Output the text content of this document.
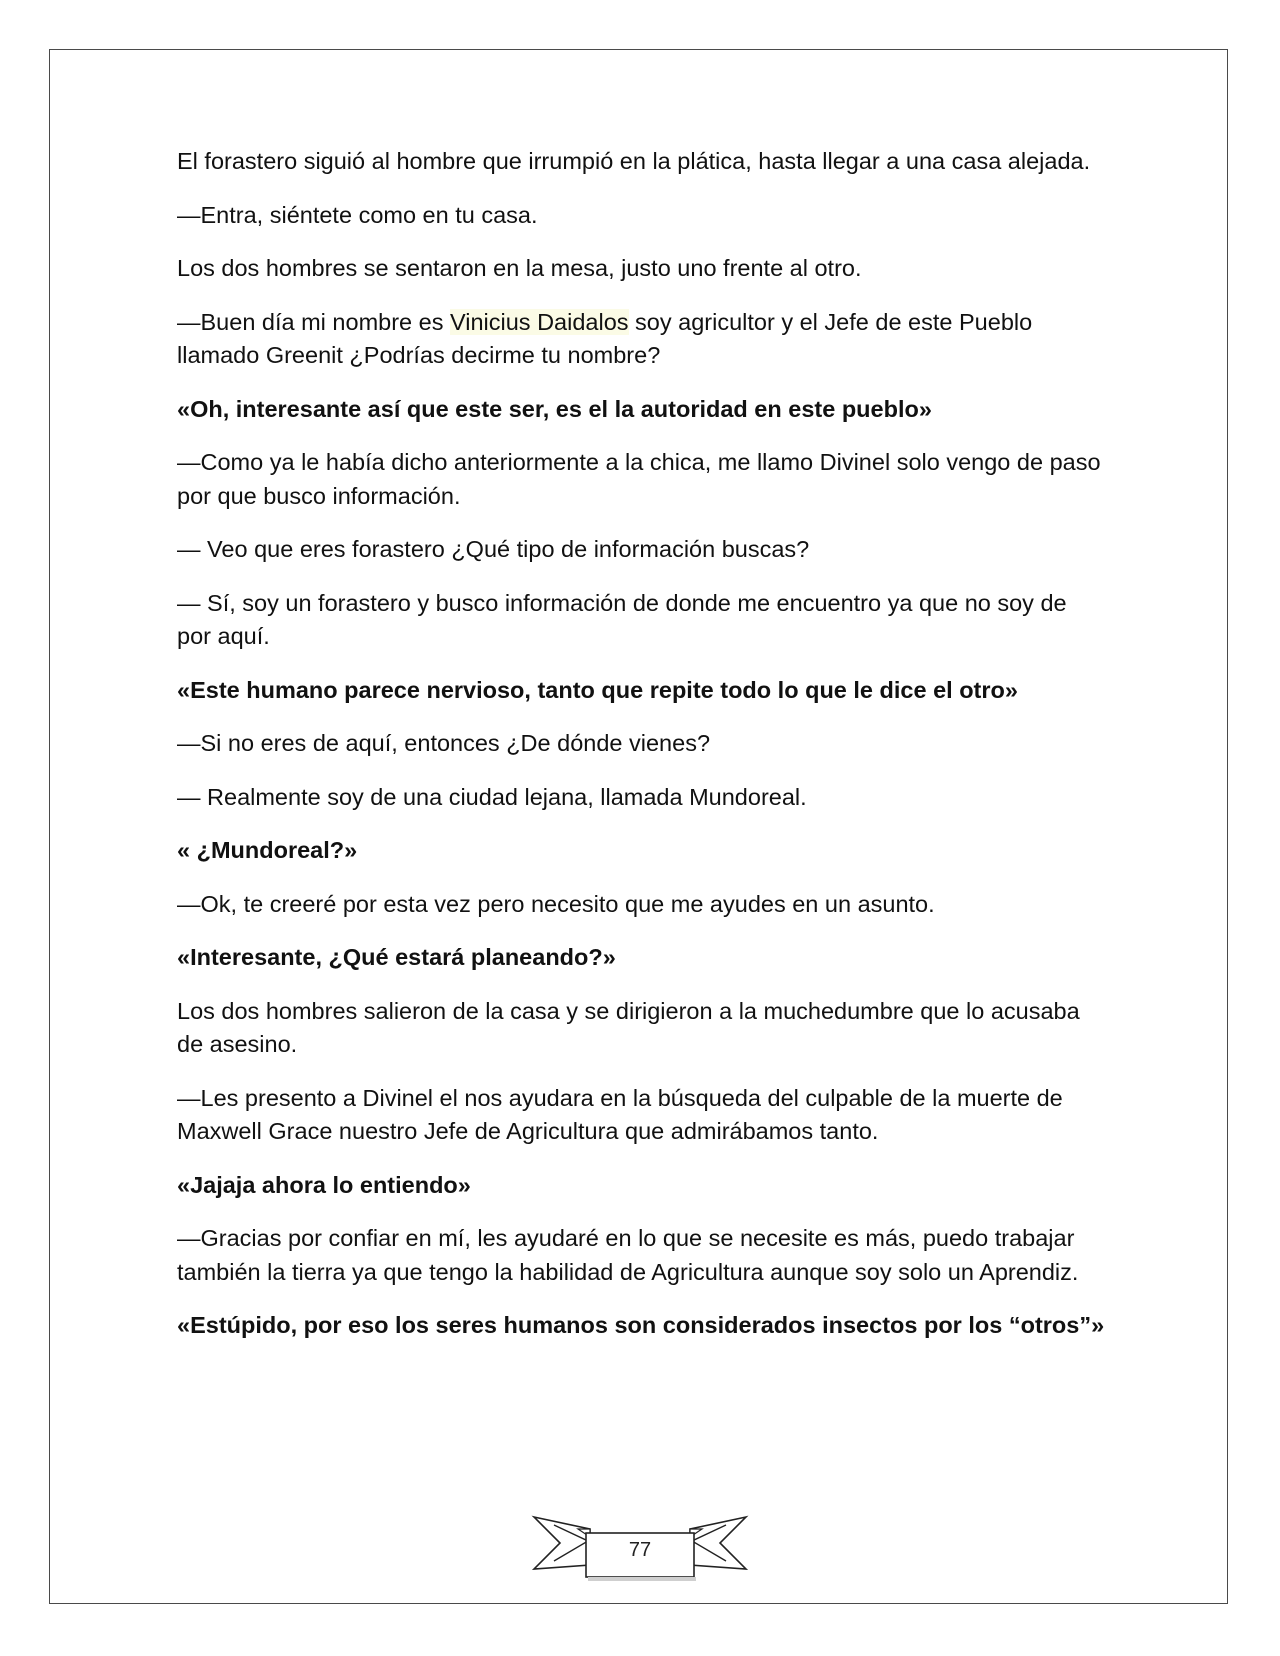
El forastero siguió al hombre que irrumpió en la plática, hasta llegar a una casa alejada.

—Entra, siéntete como en tu casa.

Los dos hombres se sentaron en la mesa, justo uno frente al otro.

—Buen día mi nombre es Vinicius Daidalos soy agricultor y el Jefe de este Pueblo llamado Greenit ¿Podrías decirme tu nombre?

«Oh, interesante así que este ser, es el la autoridad en este pueblo»

—Como ya le había dicho anteriormente a la chica, me llamo Divinel solo vengo de paso por que busco información.

— Veo que eres forastero ¿Qué tipo de información buscas?

— Sí, soy un forastero y busco información de donde me encuentro ya que no soy de por aquí.

«Este humano parece nervioso, tanto que repite todo lo que le dice el otro»

—Si no eres de aquí, entonces ¿De dónde vienes?

— Realmente soy de una ciudad lejana, llamada Mundoreal.

« ¿Mundoreal?»

—Ok, te creeré por esta vez pero necesito que me ayudes en un asunto.

«Interesante, ¿Qué estará planeando?»

Los dos hombres salieron de la casa y se dirigieron a la muchedumbre que lo acusaba de asesino.

—Les presento a Divinel el nos ayudara en la búsqueda del culpable de la muerte de Maxwell Grace nuestro Jefe de Agricultura que admirábamos tanto.

«Jajaja ahora lo entiendo»

—Gracias por confiar en mí, les ayudaré en lo que se necesite es más, puedo trabajar también la tierra ya que tengo la habilidad de Agricultura aunque soy solo un Aprendiz.

«Estúpido, por eso los seres humanos son considerados insectos por los “otros”»

77
